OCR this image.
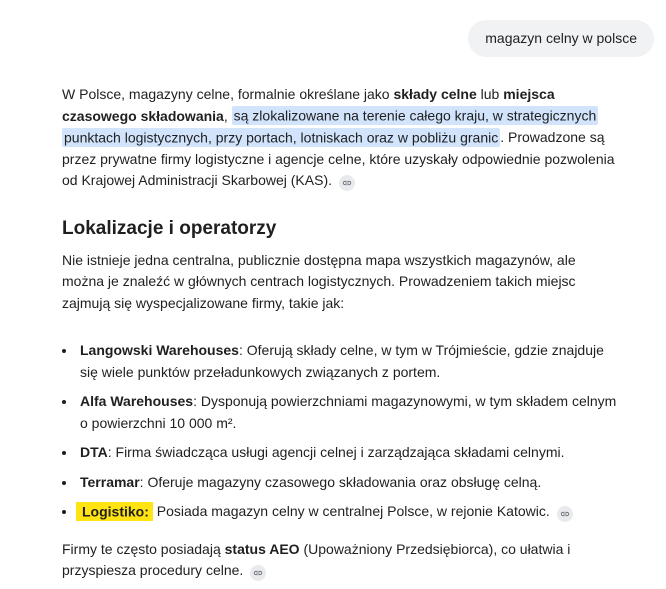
magazyn celny w polsce

W Polsce, magazyny celne, formalnie określane jako składy celne lub miejsca czasowego składowania, są zlokalizowane na terenie całego kraju, w strategicznych punktach logistycznych, przy portach, lotniskach oraz w pobliżu granic . Prowadzone są przez prywatne firmy logistyczne i agencje celne, które uzyskały odpowiednie pozwolenia od Krajowej Administracji Skarbowej (KAS).

Lokalizacje i operatorzy

Nie istnieje jedna centralna, publicznie dostępna mapa wszystkich magazynów, ale można je znaleźć w głównych centrach logistycznych. Prowadzeniem takich miejsc zajmują się wyspecjalizowane firmy, takie jak:

• Langowski Warehouses: Oferują składy celne, w tym w Trójmieście, gdzie znajduje się wiele punktów przeładunkowych związanych z portem.
• Alfa Warehouses: Dysponują powierzchniami magazynowymi, w tym składem celnym o powierzchni 10 000 m².
• DTA: Firma świadcząca usługi agencji celnej i zarządzająca składami celnymi.
• Terramar: Oferuje magazyny czasowego składowania oraz obsługę celną.
• Logistiko: Posiada magazyn celny w centralnej Polsce, w rejonie Katowic.

Firmy te często posiadają status AEO (Upoważniony Przedsiębiorca), co ułatwia i przyspiesza procedury celne.
